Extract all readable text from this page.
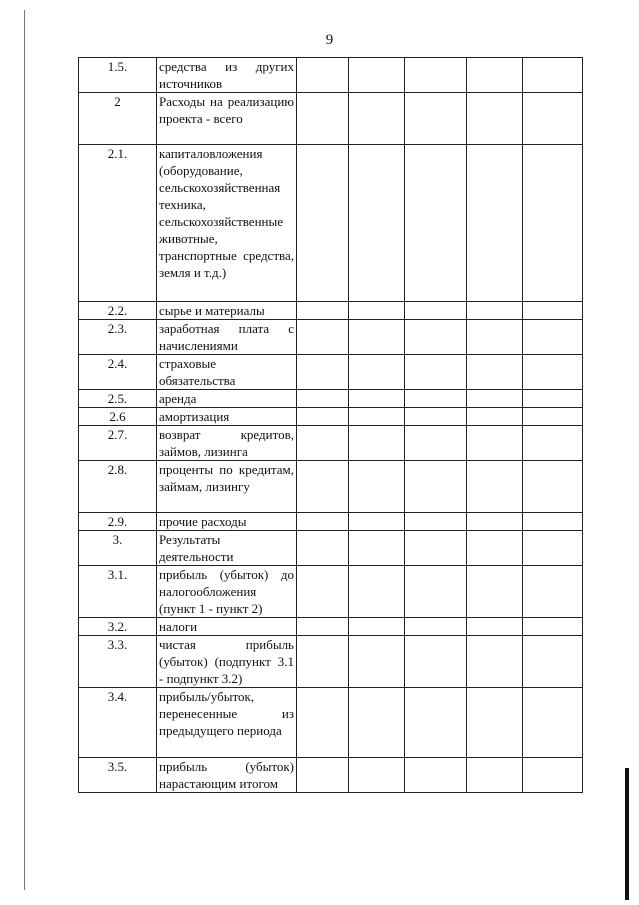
9
1.5.	средства из других источников					
2	Расходы на реализацию проекта - всего					
2.1.	капиталовложения (оборудование, сельскохозяйственная техника, сельскохозяйственные животные, транспортные средства, земля и т.д.)					
2.2.	сырье и материалы					
2.3.	заработная плата с начислениями					
2.4.	страховые обязательства					
2.5.	аренда					
2.6	амортизация					
2.7.	возврат кредитов, займов, лизинга					
2.8.	проценты по кредитам, займам, лизингу					
2.9.	прочие расходы					
3.	Результаты деятельности					
3.1.	прибыль (убыток) до налогообложения (пункт 1 - пункт 2)					
3.2.	налоги					
3.3.	чистая прибыль (убыток) (подпункт 3.1 - подпункт 3.2)					
3.4.	прибыль/убыток, перенесенные из предыдущего периода					
3.5.	прибыль (убыток) нарастающим итогом					
